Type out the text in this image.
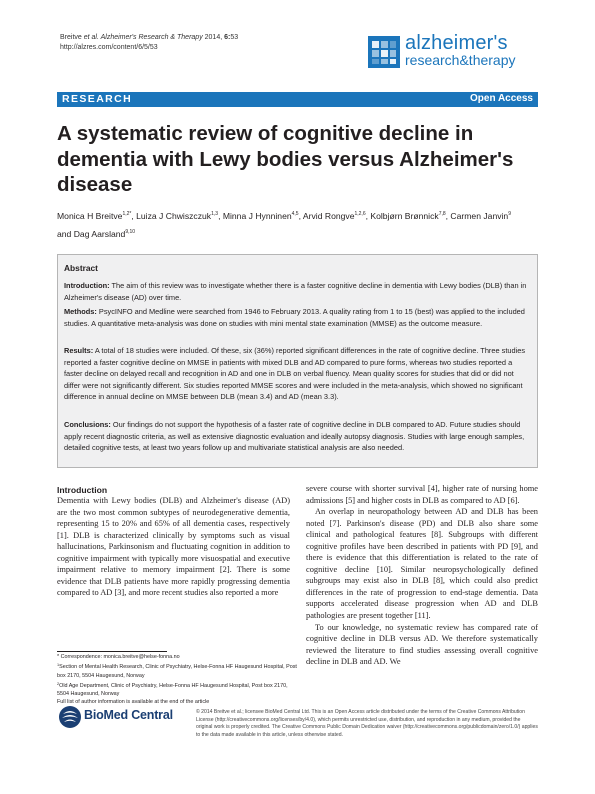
Breitve et al. Alzheimer's Research & Therapy 2014, 6:53
http://alzres.com/content/6/5/53	alzheimer's
research&therapy
RESEARCH	Open Access
A systematic review of cognitive decline in dementia with Lewy bodies versus Alzheimer's disease
Monica H Breitve$^{1,2*}$, Luiza J Chwiszczuk$^{1,3}$, Minna J Hynninen$^{4,5}$, Arvid Rongve$^{1,2,6}$, Kolbjørn Brønnick$^{7,8}$, Carmen Janvin$^9$ and Dag Aarsland$^{9,10}$
Abstract
Introduction: The aim of this review was to investigate whether there is a faster cognitive decline in dementia with Lewy bodies (DLB) than in Alzheimer's disease (AD) over time.
Methods: PsycINFO and Medline were searched from 1946 to February 2013. A quality rating from 1 to 15 (best) was applied to the included studies. A quantitative meta-analysis was done on studies with mini mental state examination (MMSE) as the outcome measure.
Results: A total of 18 studies were included. Of these, six (36%) reported significant differences in the rate of cognitive decline. Three studies reported a faster cognitive decline on MMSE in patients with mixed DLB and AD compared to pure forms, whereas two studies reported a faster decline on delayed recall and recognition in AD and one in DLB on verbal fluency. Mean quality scores for studies that did or did not differ were not significantly different. Six studies reported MMSE scores and were included in the meta-analysis, which showed no significant difference in annual decline on MMSE between DLB (mean 3.4) and AD (mean 3.3).
Conclusions: Our findings do not support the hypothesis of a faster rate of cognitive decline in DLB compared to AD. Future studies should apply recent diagnostic criteria, as well as extensive diagnostic evaluation and ideally autopsy diagnosis. Studies with large enough samples, detailed cognitive tests, at least two years follow up and multivariate statistical analysis are also needed.
Introduction
Dementia with Lewy bodies (DLB) and Alzheimer's disease (AD) are the two most common subtypes of neurodegenerative dementia, representing 15 to 20% and 65% of all dementia cases, respectively [1]. DLB is characterized clinically by symptoms such as visual hallucinations, Parkinsonism and fluctuating cognition in addition to cognitive impairment with typically more visuospatial and executive impairment relative to memory impairment [2]. There is some evidence that DLB patients have more rapidly progressing dementia compared to AD [3], and more recent studies also reported a more

severe course with shorter survival [4], higher rate of nursing home admissions [5] and higher costs in DLB as compared to AD [6].

An overlap in neuropathology between AD and DLB has been noted [7]. Parkinson's disease (PD) and DLB also share some clinical and pathological features [8]. Subgroups with different cognitive profiles have been described in patients with PD [9], and there is evidence that this differentiation is related to the rate of cognitive decline [10]. Similar neuropsychologically defined subgroups may exist also in DLB [8], which could also predict differences in the rate of progression to end-stage dementia. Data supports accelerated disease progression when AD and DLB pathologies are present together [11].

To our knowledge, no systematic review has compared rate of cognitive decline in DLB versus AD. We therefore systematically reviewed the literature to find studies assessing overall cognitive decline in DLB and AD. We

* Correspondence: monica.breitve@helse-fonna.no
$^1$Section of Mental Health Research, Clinic of Psychiatry, Helse-Fonna HF Haugesund Hospital, Post box 2170, 5504 Haugesund, Norway
$^2$Old Age Department, Clinic of Psychiatry, Helse-Fonna HF Haugesund Hospital, Post box 2170, 5504 Haugesund, Norway
Full list of author information is available at the end of the article
BioMed Central	© 2014 Breitve et al.; licensee BioMed Central Ltd. This is an Open Access article distributed under the terms of the Creative Commons Attribution License (http://creativecommons.org/licenses/by/4.0), which permits unrestricted use, distribution, and reproduction in any medium, provided the original work is properly credited. The Creative Commons Public Domain Dedication waiver (http://creativecommons.org/publicdomain/zero/1.0/) applies to the data made available in this article, unless otherwise stated.
